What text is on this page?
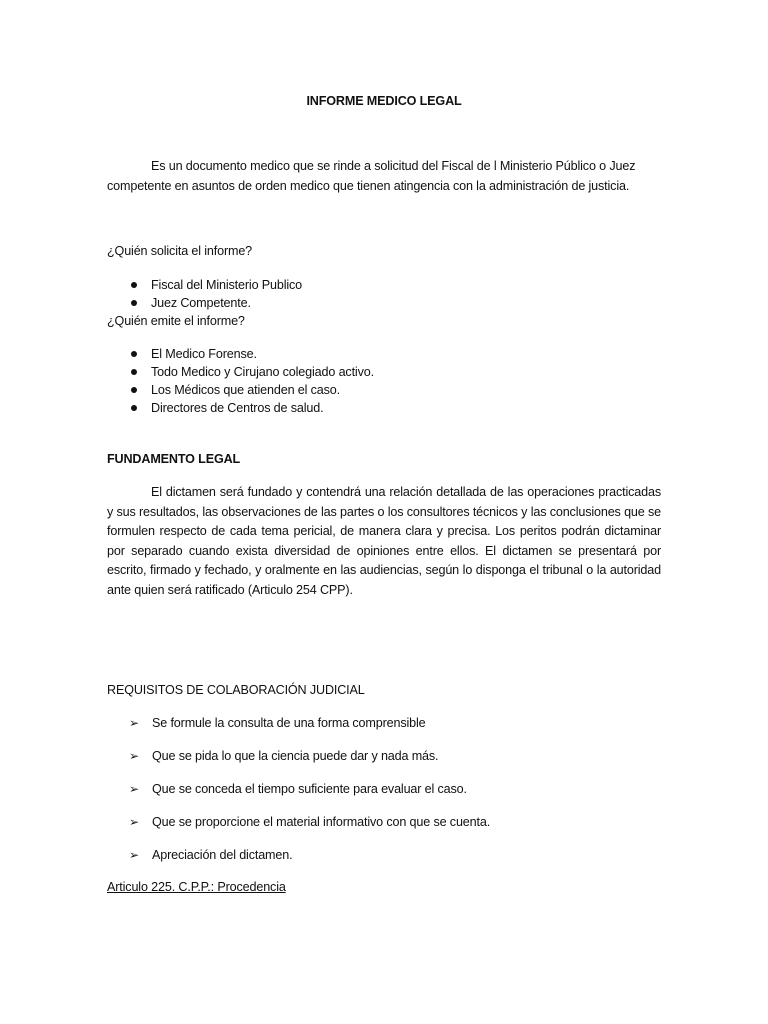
INFORME MEDICO LEGAL

Es un documento medico que se rinde a solicitud del Fiscal de l Ministerio Público o Juez

competente en asuntos de orden medico que tienen atingencia con la administración de justicia.

¿Quién solicita el informe?

Fiscal del Ministerio Publico
Juez Competente.

¿Quién emite el informe?

El Medico Forense.
Todo Medico y Cirujano colegiado activo.
Los Médicos que atienden el caso.
Directores de Centros de salud.

FUNDAMENTO LEGAL

El dictamen será fundado y contendrá una relación detallada de las operaciones practicadas y sus resultados, las observaciones de las partes o los consultores técnicos y las conclusiones que se formulen respecto de cada tema pericial, de manera clara y precisa. Los peritos podrán dictaminar por separado cuando exista diversidad de opiniones entre ellos. El dictamen se presentará por escrito, firmado y fechado, y oralmente en las audiencias, según lo disponga el tribunal o la autoridad ante quien será ratificado (Articulo 254 CPP).

REQUISITOS DE COLABORACIÓN JUDICIAL

➢ Se formule la consulta de una forma comprensible
➢ Que se pida lo que la ciencia puede dar y nada más.
➢ Que se conceda el tiempo suficiente para evaluar el caso.
➢ Que se proporcione el material informativo con que se cuenta.
➢ Apreciación del dictamen.

Articulo 225. C.P.P.: Procedencia
